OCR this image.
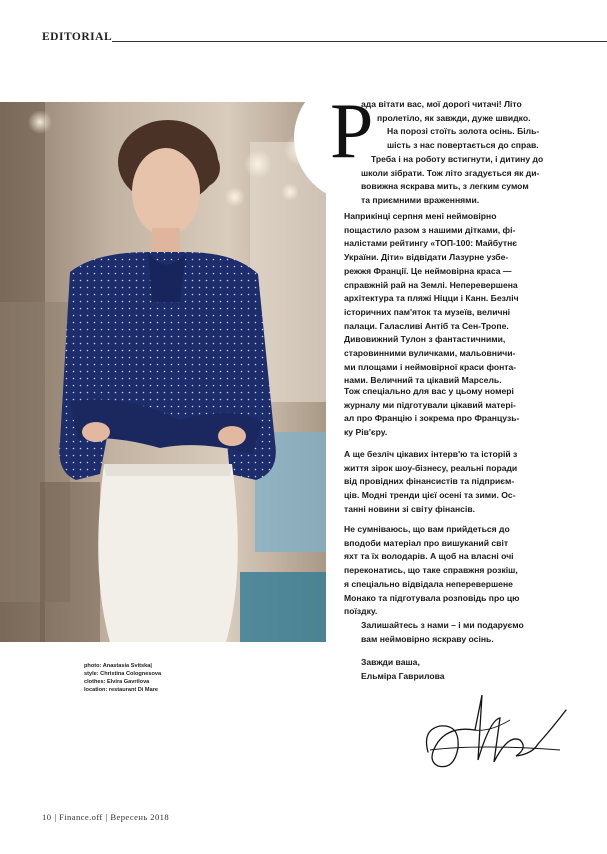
EDITORIAL
Р
ада вітати вас, мої дорогі читачі! Літо
пролетіло, як завжди, дуже швидко.
На порозі стоїть золота осінь. Біль-
шість з нас повертається до справ.
Треба і на роботу встигнути, і дитину до
школи зібрати. Тож літо згадується як ди-
вовижна яскрава мить, з легким сумом
та приємними враженнями.
Наприкінці серпня мені неймовірно
пощастило разом з нашими дітками, фі-
налістами рейтингу «ТОП-100: Майбутнє
України. Діти» відвідати Лазурне узбе-
режжя Франції. Це неймовірна краса —
справжній рай на Землі. Неперевершена
архітектура та пляжі Ніцци і Канн. Безліч
історичних пам'яток та музеїв, величні
палаци. Галасливі Антіб та Сен-Тропе.
Дивовижний Тулон з фантастичними,
старовинними вуличками, мальовничи-
ми площами і неймовірної краси фонта-
нами. Величний та цікавий Марсель.
Тож спеціально для вас у цьому номері
журналу ми підготували цікавий матері-
ал про Францію і зокрема про Французь-
ку Рів'єру.
А ще безліч цікавих інтерв'ю та історій з
життя зірок шоу-бізнесу, реальні поради
від провідних фінансистів та підприєм-
ців. Модні тренди цієї осені та зими. Ос-
танні новини зі світу фінансів.
Не сумніваюсь, що вам прийдеться до
вподоби матеріал про вишуканий світ
яхт та їх володарів. А щоб на власні очі
переконатись, що таке справжня розкіш,
я спеціально відвідала неперевершене
Монако та підготувала розповідь про цю
поїздку.
Залишайтесь з нами – і ми подаруємо
вам неймовірно яскраву осінь.
Завжди ваша,
Ельміра Гаврилова
photo: Anastasia Svitska|
style: Christina Colognesova
clothes: Elvira Gavrilova
location: restaurant Di Mare
10 | Finance.off | Вересень 2018
